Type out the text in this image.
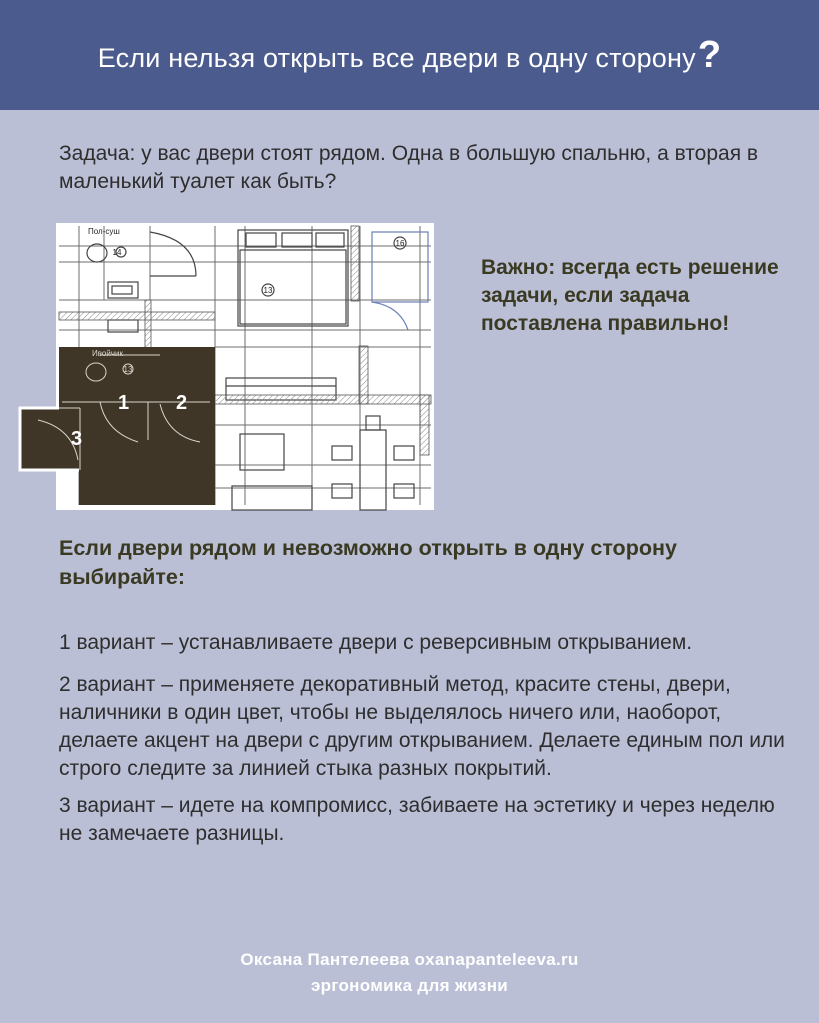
Если нельзя открыть все двери в одну сторону?
Задача: у вас двери стоят рядом. Одна в большую спальню, а вторая в маленький туалет как быть?
Пол-суш
14
13
16
Ивойчик
13
1 2
3
Важно: всегда есть решение задачи, если задача поставлена правильно!
Если двери рядом и невозможно открыть в одну сторону выбирайте:
1 вариант – устанавливаете двери с реверсивным открыванием.
2 вариант – применяете декоративный метод, красите стены, двери, наличники в один цвет, чтобы не выделялось ничего или, наоборот, делаете акцент на двери с другим открыванием. Делаете единым пол или строго следите за линией стыка разных покрытий.
3 вариант – идете на компромисс, забиваете на эстетику и через неделю не замечаете разницы.
Оксана Пантелеева oxanapanteleeva.ru
эргономика для жизни
